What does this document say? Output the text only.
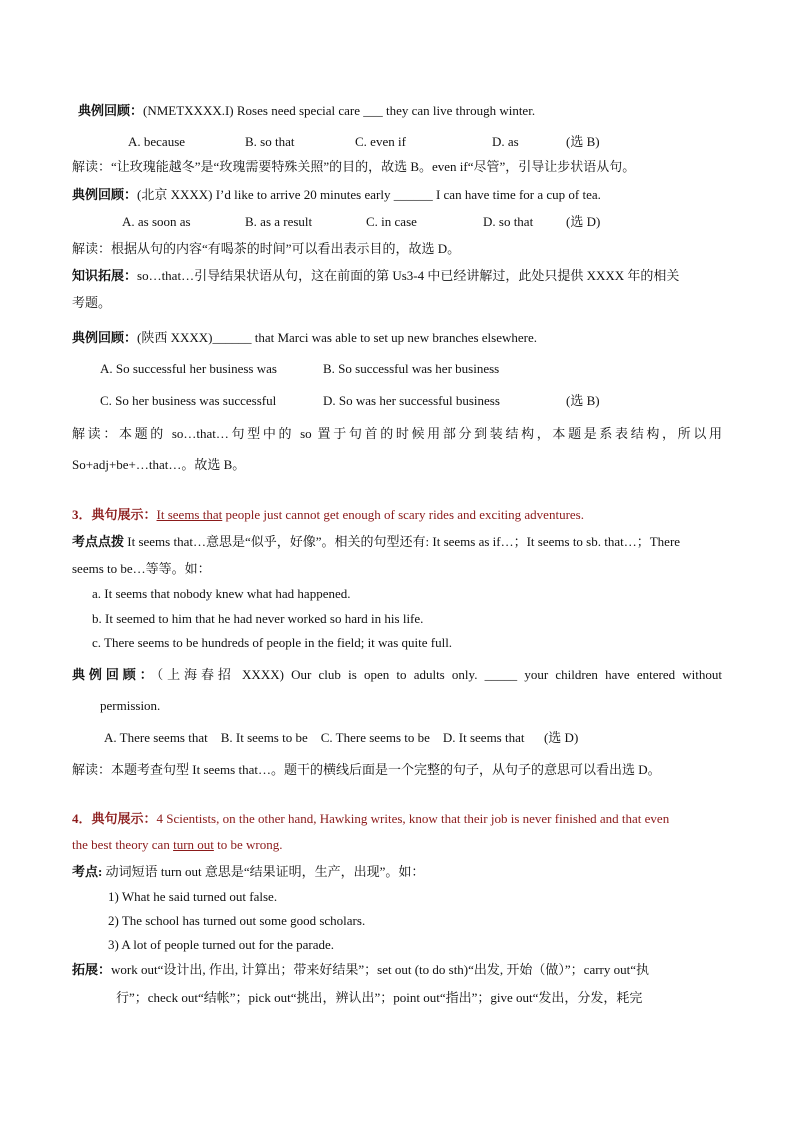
典例回顾：(NMETXXXX.I) Roses need special care ___ they can live through winter.
A. because	B. so that	C. even if	D. as	(选 B)
解读：“让玫瑰能越冬”是“玫瑰需要特殊关照”的目的，故选 B。even if“尽管”，引导让步状语从句。
典例回顾：(北京 XXXX) I’d like to arrive 20 minutes early ______ I can have time for a cup of tea.
A. as soon as	B. as a result	C. in case	D. so that	(选 D)
解读：根据从句的内容“有喝茶的时间”可以看出表示目的，故选 D。
知识拓展：so…that…引导结果状语从句，这在前面的第 Us3-4 中已经讲解过，此处只提供 XXXX 年的相关
考题。
典例回顾：(陕西 XXXX)______ that Marci was able to set up new branches elsewhere.
A. So successful her business was	B. So successful was her business
C. So her business was successful	D. So was her successful business	(选 B)
解读：本题的 so…that…句型中的 so 置于句首的时候用部分到装结构，本题是系表结构，所以用
So+adj+be+…that…。故选 B。
3．典句展示：It seems that people just cannot get enough of scary rides and exciting adventures.
考点点拨 It seems that…意思是“似乎，好像”。相关的句型还有: It seems as if…；It seems to sb. that…；There
seems to be…等等。如：
a. It seems that nobody knew what had happened.
b. It seemed to him that he had never worked so hard in his life.
c. There seems to be hundreds of people in the field; it was quite full.
典例回顾：（上海春招 XXXX) Our club is open to adults only. _____ your children have entered without
permission.
A. There seems that    B. It seems to be    C. There seems to be    D. It seems that      (选 D)
解读：本题考查句型 It seems that…。题干的横线后面是一个完整的句子，从句子的意思可以看出选 D。
4．典句展示：4 Scientists, on the other hand, Hawking writes, know that their job is never finished and that even
the best theory can turn out to be wrong.
考点: 动词短语 turn out 意思是“结果证明，生产，出现”。如：
1) What he said turned out false.
2) The school has turned out some good scholars.
3) A lot of people turned out for the parade.
拓展：work out“设计出, 作出, 计算出；带来好结果”；set out (to do sth)“出发, 开始（做）”；carry out“执
行”；check out“结帐”；pick out“挑出，辨认出”；point out“指出”；give out“发出，分发，耗完
